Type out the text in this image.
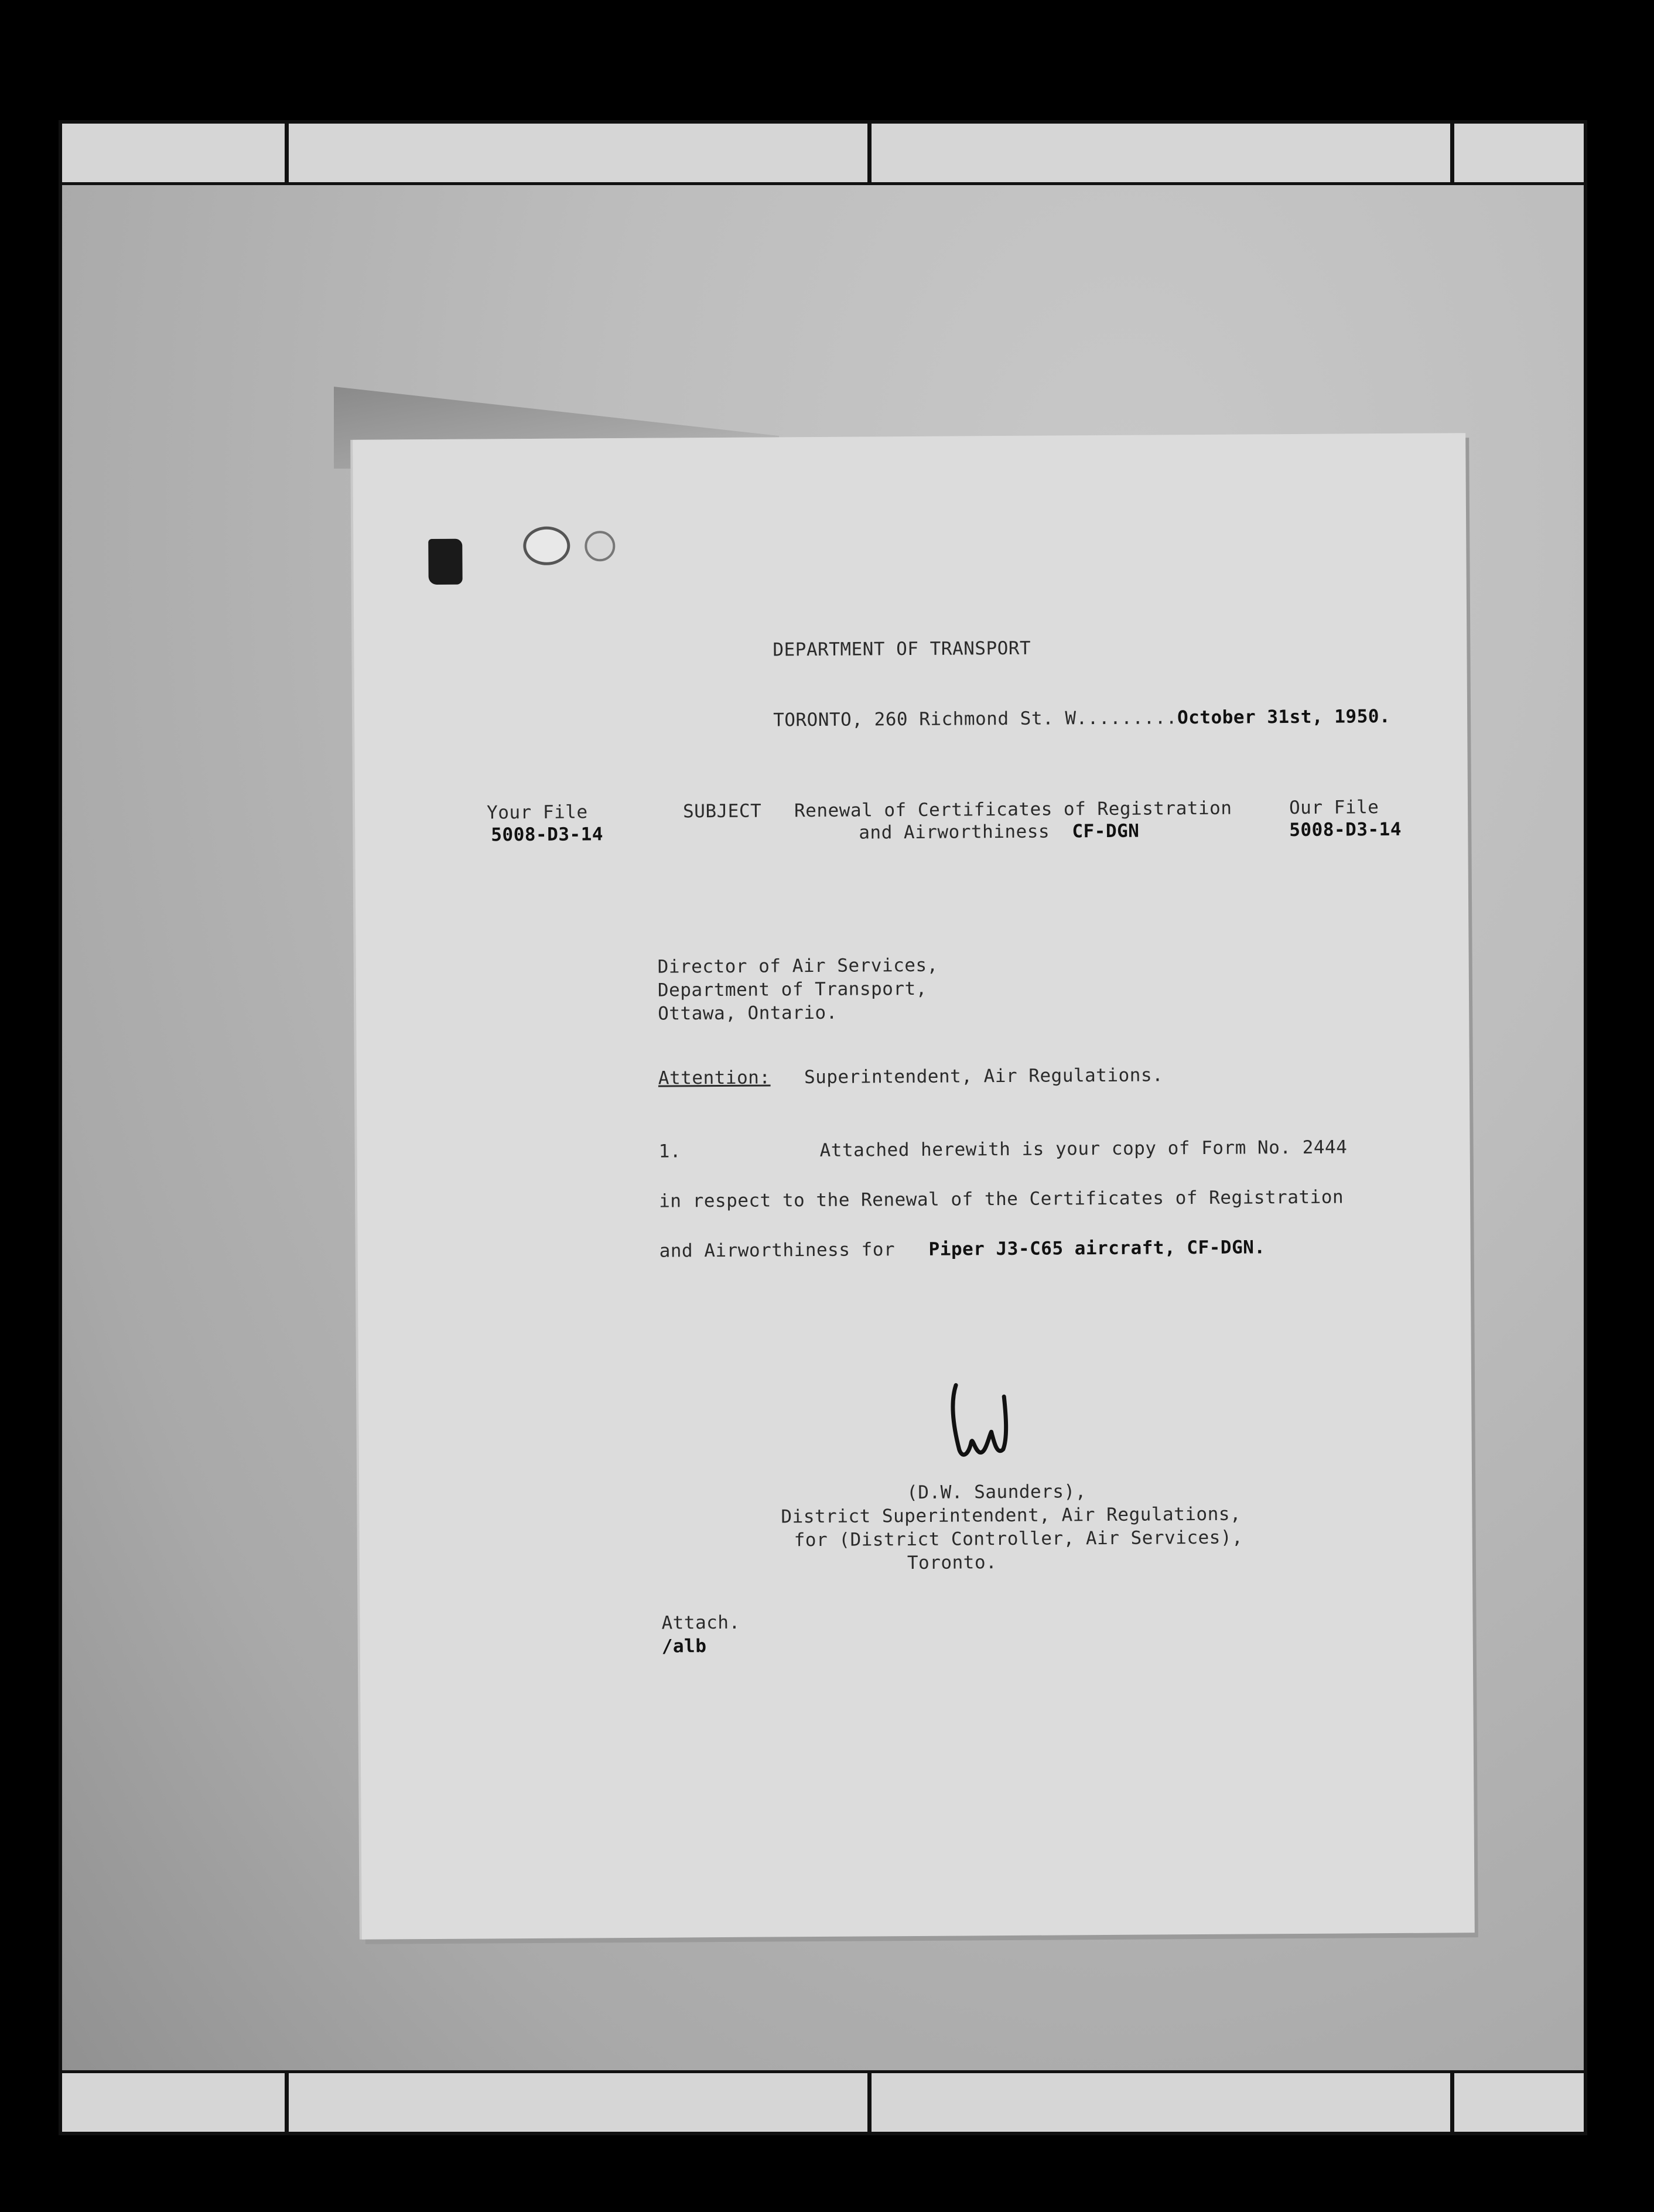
DEPARTMENT OF TRANSPORT
TORONTO, 260 Richmond St. W.........October 31st, 1950.
Your File
5008-D3-14
SUBJECT Renewal of Certificates of Registration
and Airworthiness CF-DGN
Our File
5008-D3-14
Director of Air Services,
Department of Transport,
Ottawa, Ontario.
Attention: Superintendent, Air Regulations.
1.	Attached herewith is your copy of Form No. 2444
in respect to the Renewal of the Certificates of Registration
and Airworthiness for Piper J3-C65 aircraft, CF-DGN.
(D.W. Saunders),
District Superintendent, Air Regulations,
for (District Controller, Air Services),
Toronto.
Attach.
/alb
